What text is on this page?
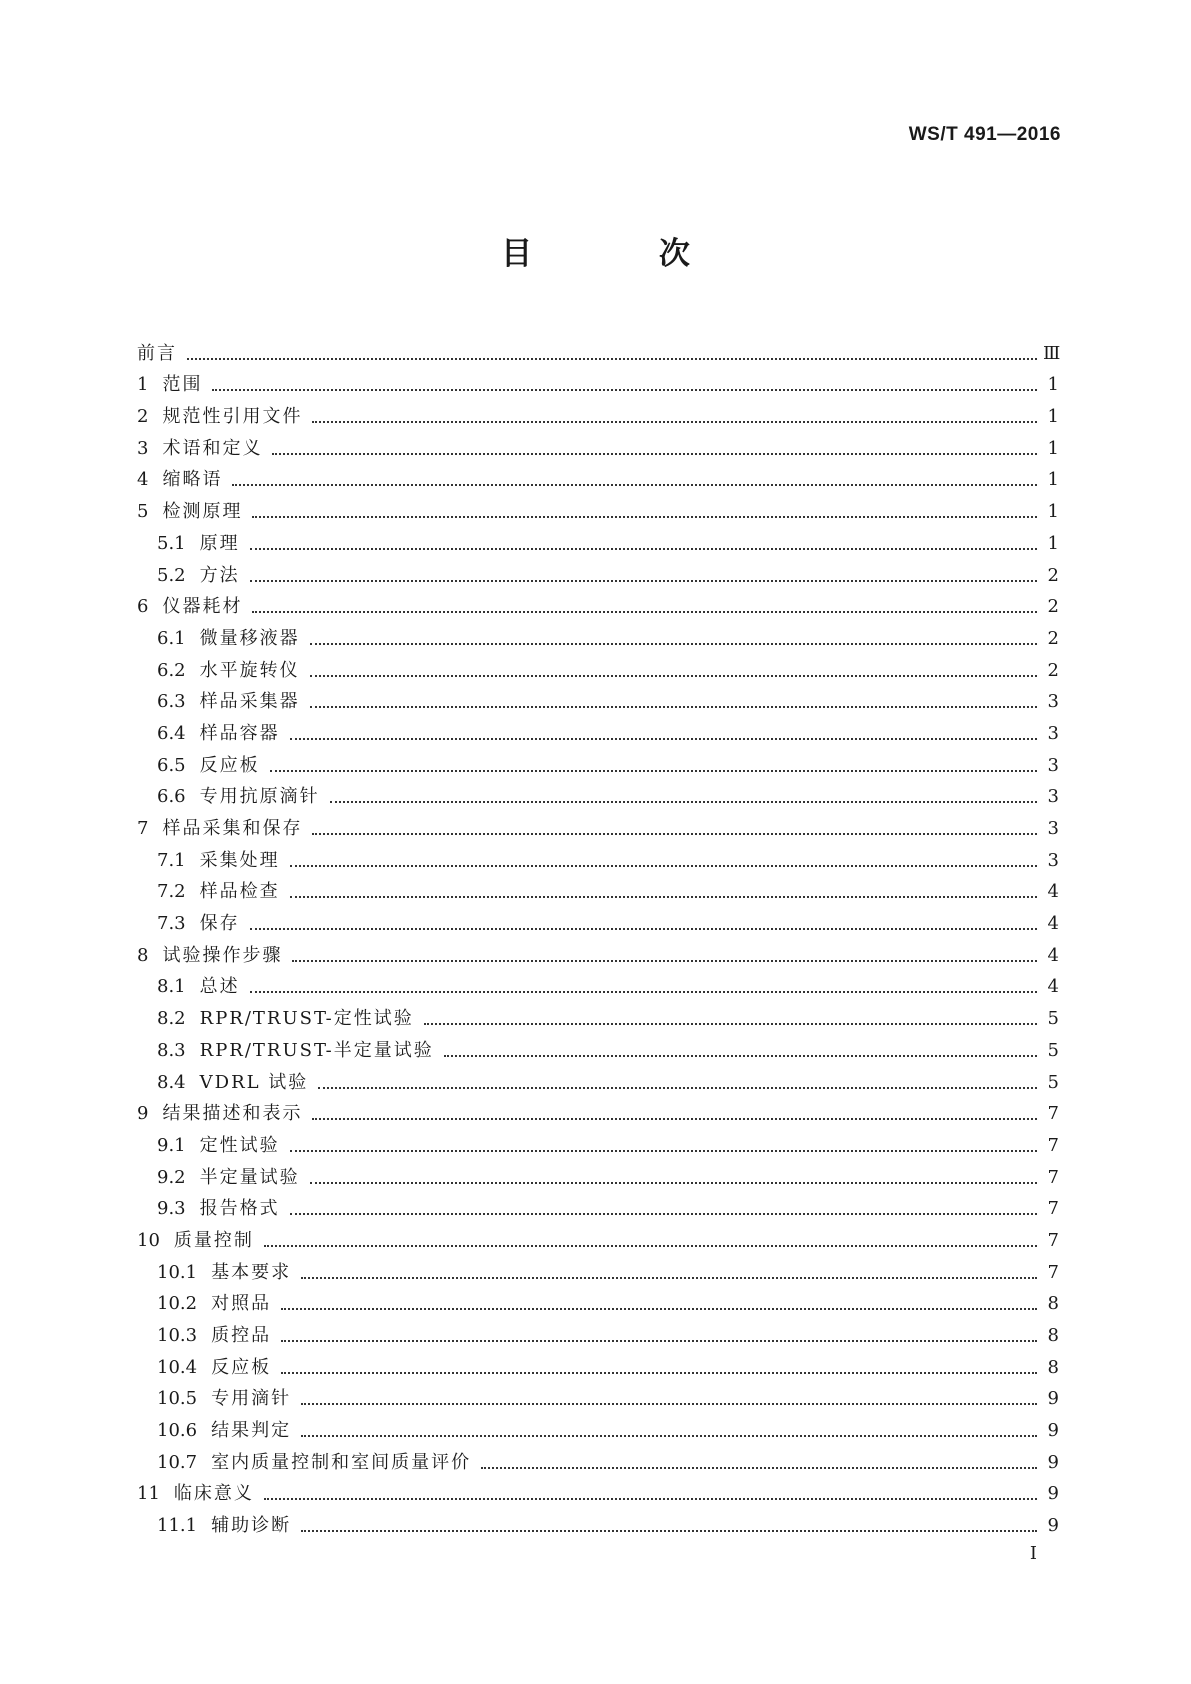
WS/T 491—2016
目 次
前言	Ⅲ
1 范围	1
2 规范性引用文件	1
3 术语和定义	1
4 缩略语	1
5 检测原理	1
5.1 原理	1
5.2 方法	2
6 仪器耗材	2
6.1 微量移液器	2
6.2 水平旋转仪	2
6.3 样品采集器	3
6.4 样品容器	3
6.5 反应板	3
6.6 专用抗原滴针	3
7 样品采集和保存	3
7.1 采集处理	3
7.2 样品检查	4
7.3 保存	4
8 试验操作步骤	4
8.1 总述	4
8.2 RPR/TRUST-定性试验	5
8.3 RPR/TRUST-半定量试验	5
8.4 VDRL 试验	5
9 结果描述和表示	7
9.1 定性试验	7
9.2 半定量试验	7
9.3 报告格式	7
10 质量控制	7
10.1 基本要求	7
10.2 对照品	8
10.3 质控品	8
10.4 反应板	8
10.5 专用滴针	9
10.6 结果判定	9
10.7 室内质量控制和室间质量评价	9
11 临床意义	9
11.1 辅助诊断	9
I
